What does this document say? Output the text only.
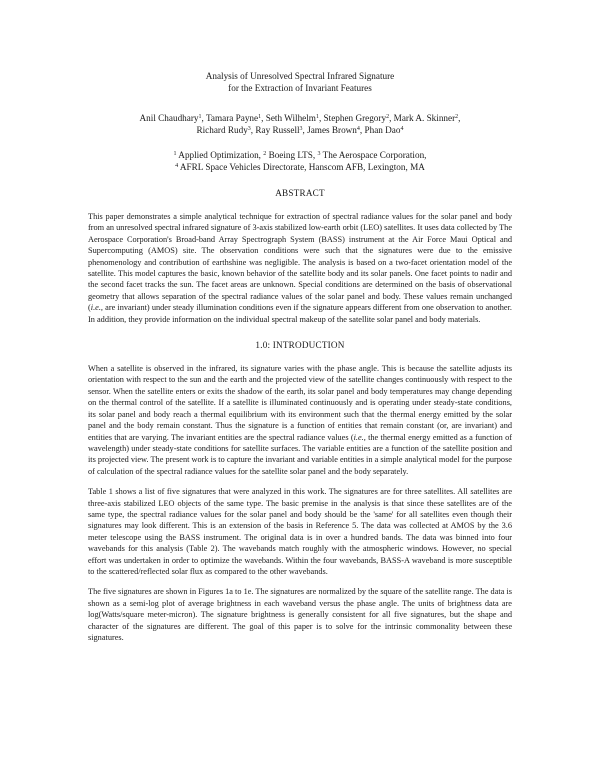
Analysis of Unresolved Spectral Infrared Signature
for the Extraction of Invariant Features
Anil Chaudhary$^1$, Tamara Payne$^1$, Seth Wilhelm$^1$, Stephen Gregory$^2$, Mark A. Skinner$^2$,
Richard Rudy$^3$, Ray Russell$^3$, James Brown$^4$, Phan Dao$^4$
$^1$ Applied Optimization, $^2$ Boeing LTS, $^3$ The Aerospace Corporation,
$^4$ AFRL Space Vehicles Directorate, Hanscom AFB, Lexington, MA
ABSTRACT

This paper demonstrates a simple analytical technique for extraction of spectral radiance values for the solar panel and body from an unresolved spectral infrared signature of 3-axis stabilized low-earth orbit (LEO) satellites. It uses data collected by The Aerospace Corporation's Broad-band Array Spectrograph System (BASS) instrument at the Air Force Maui Optical and Supercomputing (AMOS) site. The observation conditions were such that the signatures were due to the emissive phenomenology and contribution of earthshine was negligible. The analysis is based on a two-facet orientation model of the satellite. This model captures the basic, known behavior of the satellite body and its solar panels. One facet points to nadir and the second facet tracks the sun. The facet areas are unknown. Special conditions are determined on the basis of observational geometry that allows separation of the spectral radiance values of the solar panel and body. These values remain unchanged (i.e., are invariant) under steady illumination conditions even if the signature appears different from one observation to another. In addition, they provide information on the individual spectral makeup of the satellite solar panel and body materials.

1.0: INTRODUCTION

When a satellite is observed in the infrared, its signature varies with the phase angle. This is because the satellite adjusts its orientation with respect to the sun and the earth and the projected view of the satellite changes continuously with respect to the sensor. When the satellite enters or exits the shadow of the earth, its solar panel and body temperatures may change depending on the thermal control of the satellite. If a satellite is illuminated continuously and is operating under steady-state conditions, its solar panel and body reach a thermal equilibrium with its environment such that the thermal energy emitted by the solar panel and the body remain constant. Thus the signature is a function of entities that remain constant (or, are invariant) and entities that are varying. The invariant entities are the spectral radiance values (i.e., the thermal energy emitted as a function of wavelength) under steady-state conditions for satellite surfaces. The variable entities are a function of the satellite position and its projected view. The present work is to capture the invariant and variable entities in a simple analytical model for the purpose of calculation of the spectral radiance values for the satellite solar panel and the body separately.

Table 1 shows a list of five signatures that were analyzed in this work. The signatures are for three satellites. All satellites are three-axis stabilized LEO objects of the same type. The basic premise in the analysis is that since these satellites are of the same type, the spectral radiance values for the solar panel and body should be the 'same' for all satellites even though their signatures may look different. This is an extension of the basis in Reference 5. The data was collected at AMOS by the 3.6 meter telescope using the BASS instrument. The original data is in over a hundred bands. The data was binned into four wavebands for this analysis (Table 2). The wavebands match roughly with the atmospheric windows. However, no special effort was undertaken in order to optimize the wavebands. Within the four wavebands, BASS-A waveband is more susceptible to the scattered/reflected solar flux as compared to the other wavebands.

The five signatures are shown in Figures 1a to 1e. The signatures are normalized by the square of the satellite range. The data is shown as a semi-log plot of average brightness in each waveband versus the phase angle. The units of brightness data are log(Watts/square meter-micron). The signature brightness is generally consistent for all five signatures, but the shape and character of the signatures are different. The goal of this paper is to solve for the intrinsic commonality between these signatures.
